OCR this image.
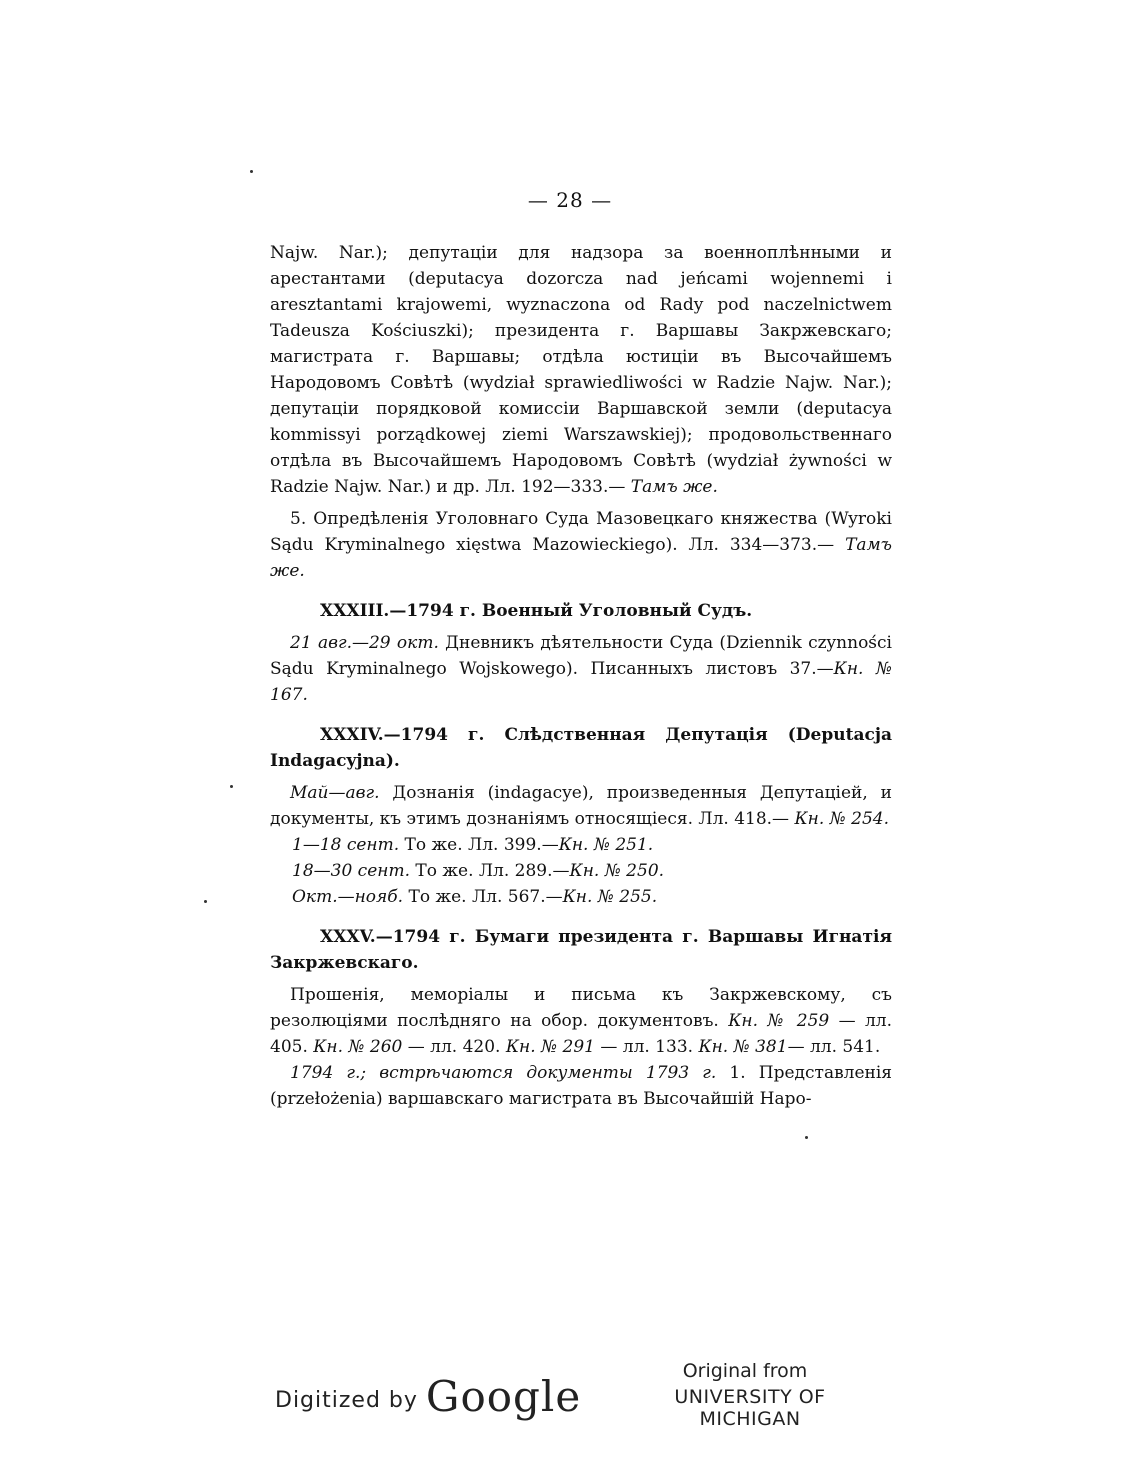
— 28 —

Najw. Nar.); депутаціи для надзора за военноплѣнными и арестантами (deputacya dozorcza nad jeńcami wojennemi i aresztantami krajowemi, wyznaczona od Rady pod naczelnictwem Tadeusza Kościuszki); президента г. Варшавы Закржевскаго; магистрата г. Варшавы; отдѣла юстиціи въ Высочайшемъ Народовомъ Совѣтѣ (wydział sprawiedliwości w Radzie Najw. Nar.); депутаціи порядковой комиссіи Варшавской земли (deputacya kommissyi porządkowej ziemi Warszawskiej); продовольственнаго отдѣла въ Высочайшемъ Народовомъ Совѣтѣ (wydział żywności w Radzie Najw. Nar.) и др. Лл. 192—333.— Тамъ же.

5. Опредѣленія Уголовнаго Суда Мазовецкаго княжества (Wyroki Sądu Kryminalnego xięstwa Mazowieckiego). Лл. 334—373.— Тамъ же.

XXXIII.—1794 г. Военный Уголовный Судъ.

21 авг.—29 окт. Дневникъ дѣятельности Суда (Dziennik czynności Sądu Kryminalnego Wojskowego). Писанныхъ листовъ 37.—Кн. № 167.

XXXIV.—1794 г. Слѣдственная Депутація (Deputacja Indagacyjna).

Май—авг. Дознанія (indagacye), произведенныя Депутаціей, и документы, къ этимъ дознаніямъ относящіеся. Лл. 418.— Кн. № 254.

1—18 сент. То же. Лл. 399.—Кн. № 251.

18—30 сент. То же. Лл. 289.—Кн. № 250.

Окт.—нояб. То же. Лл. 567.—Кн. № 255.

XXXV.—1794 г. Бумаги президента г. Варшавы Игнатія Закржевскаго.

Прошенія, меморіалы и письма къ Закржевскому, съ резолюціями послѣдняго на обор. документовъ. Кн. № 259 — лл. 405. Кн. № 260 — лл. 420. Кн. № 291 — лл. 133. Кн. № 381— лл. 541.

1794 г.; встрѣчаются документы 1793 г. 1. Представленія (przełożenia) варшавскаго магистрата въ Высочайшій Наро-

Digitized by Google
Original from
UNIVERSITY OF MICHIGAN
